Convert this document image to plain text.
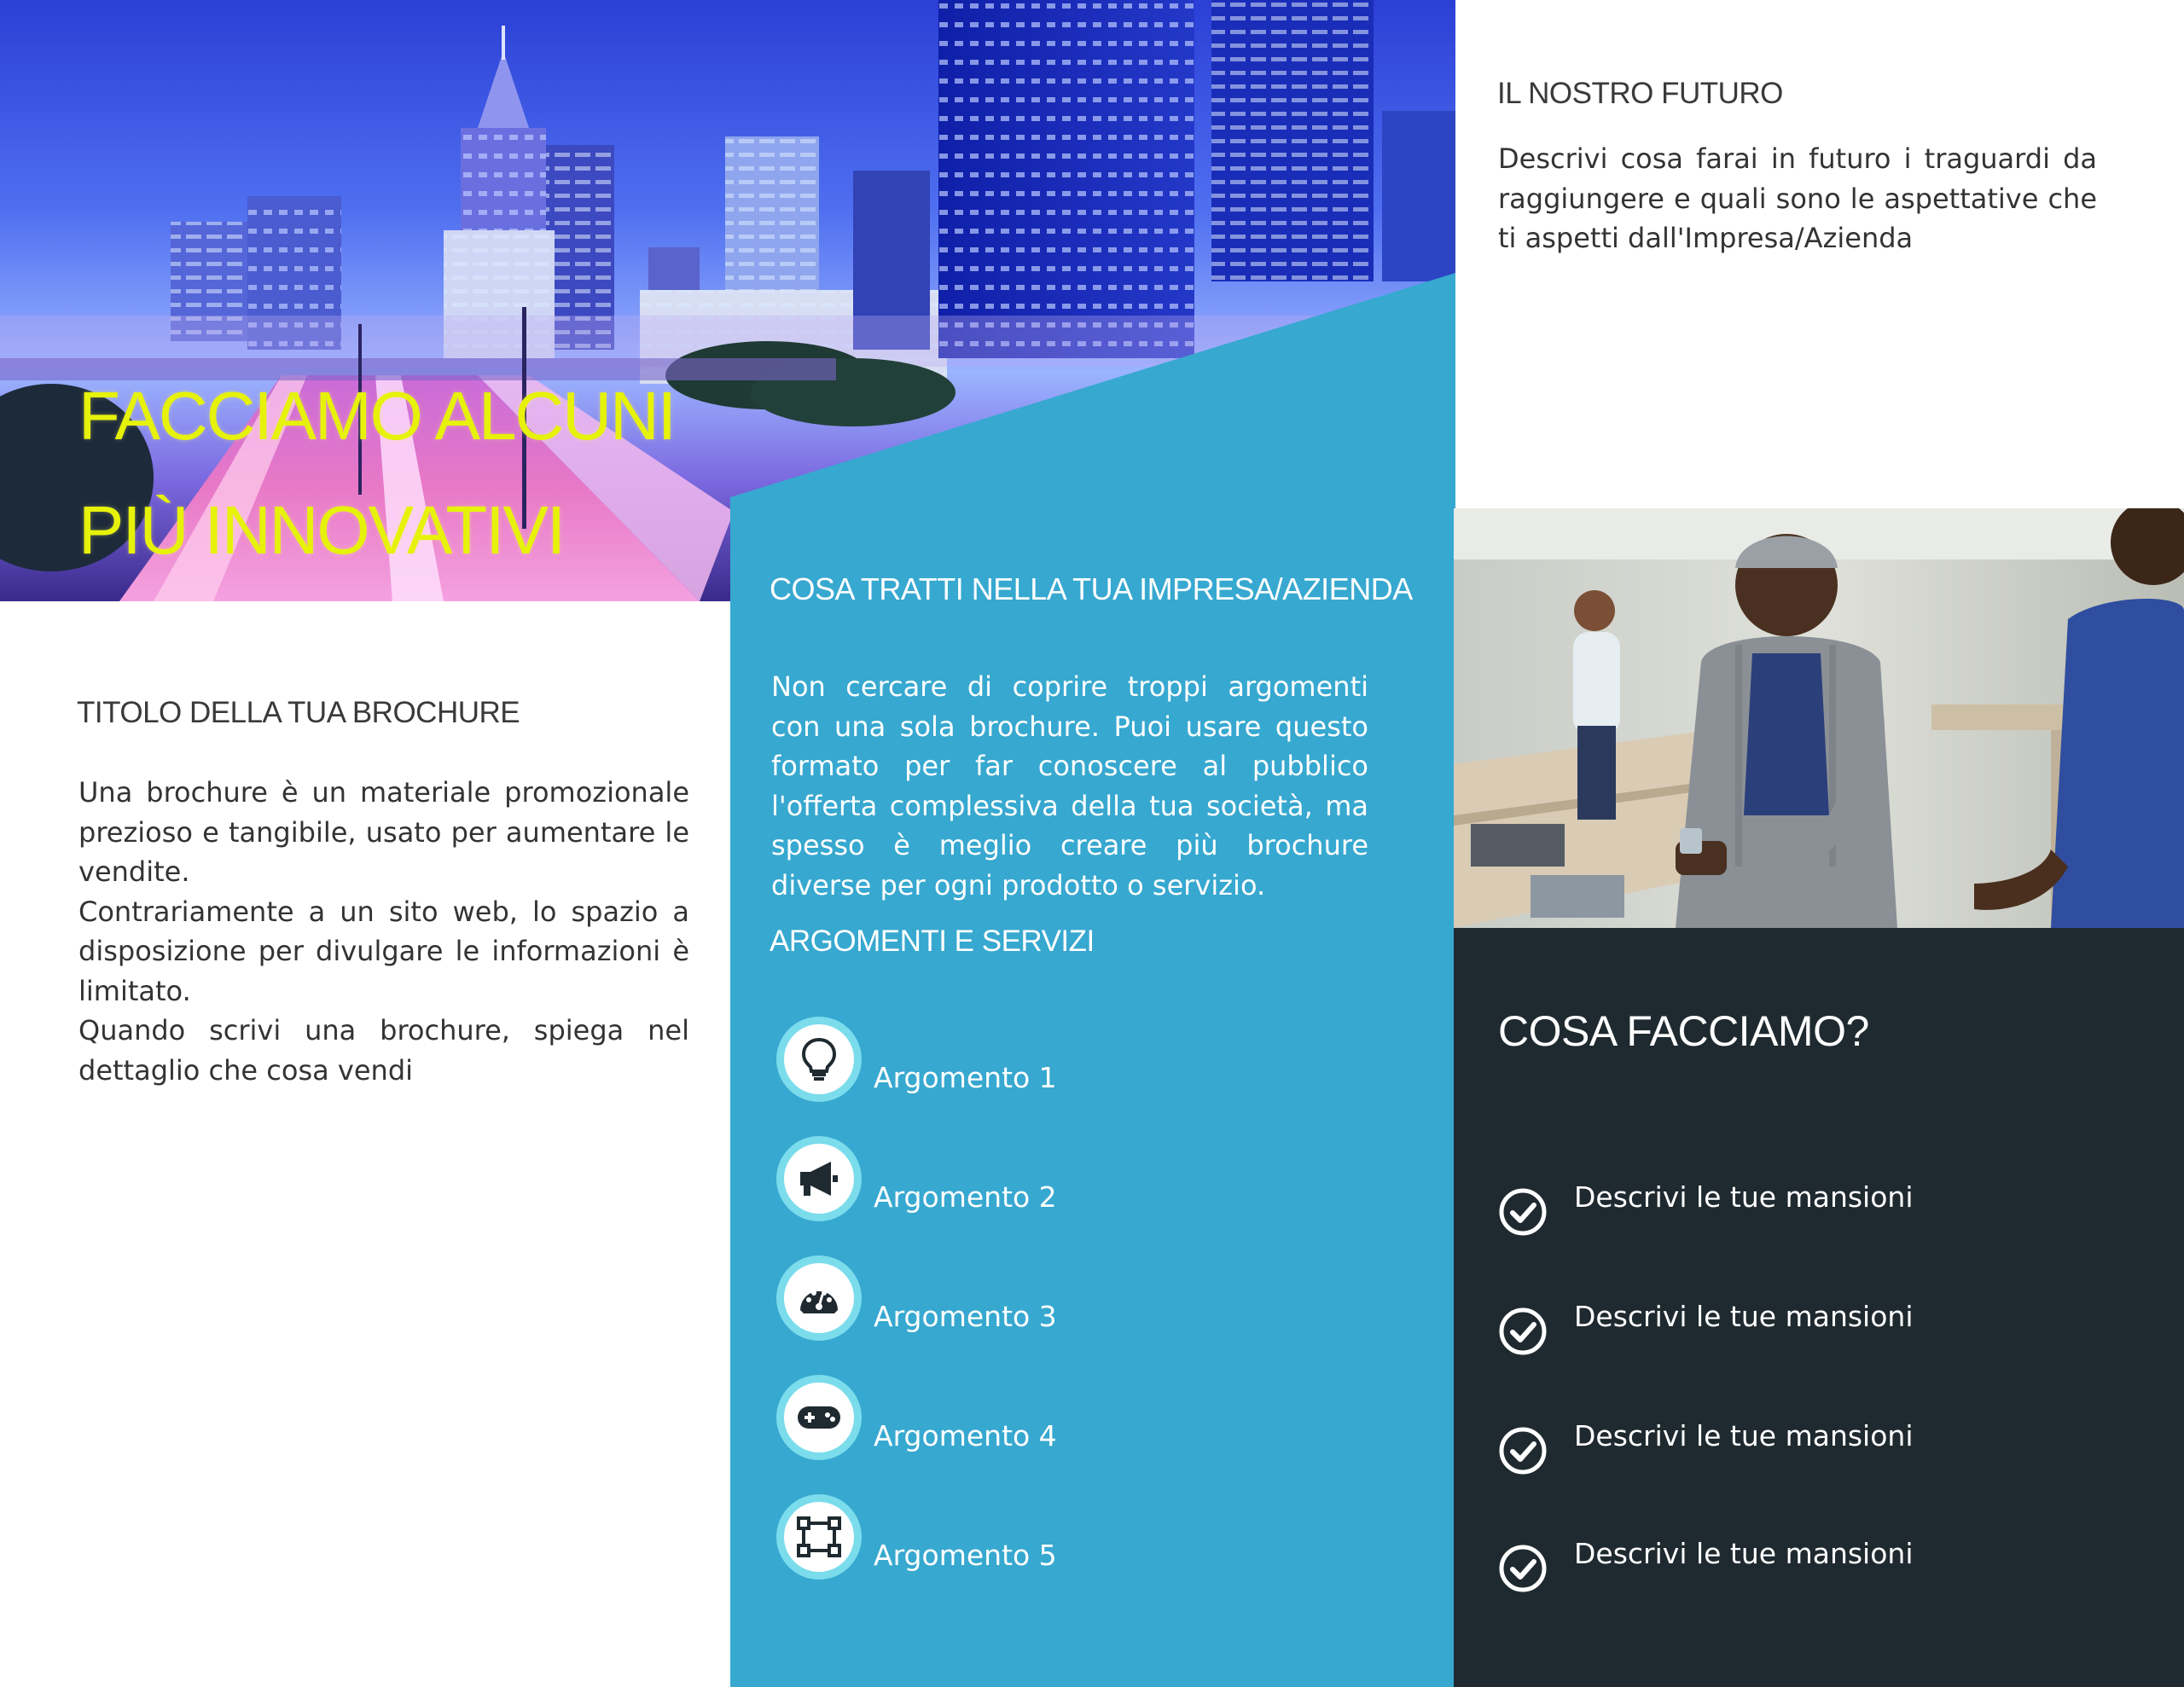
FACCIAMO ALCUNI
PIÙ INNOVATIVI
TITOLO DELLA TUA BROCHURE

Una brochure è un materiale promozionale prezioso e tangibile, usato per aumentare le vendite.

Contrariamente a un sito web, lo spazio a disposizione per divulgare le informazioni è limitato.

Quando scrivi una brochure, spiega nel dettaglio che cosa vendi

COSA TRATTI NELLA TUA IMPRESA/AZIENDA

Non cercare di coprire troppi argomenti con una sola brochure. Puoi usare questo formato per far conoscere al pubblico l'offerta complessiva della tua società, ma spesso è meglio creare più brochure diverse per ogni prodotto o servizio.

ARGOMENTI E SERVIZI
Argomento 1
Argomento 2
Argomento 3
Argomento 4
Argomento 5
IL NOSTRO FUTURO

Descrivi cosa farai in futuro i traguardi da raggiungere e quali sono le aspettative che ti aspetti dall'Impresa/Azienda

COSA FACCIAMO?
Descrivi le tue mansioni
Descrivi le tue mansioni
Descrivi le tue mansioni
Descrivi le tue mansioni
